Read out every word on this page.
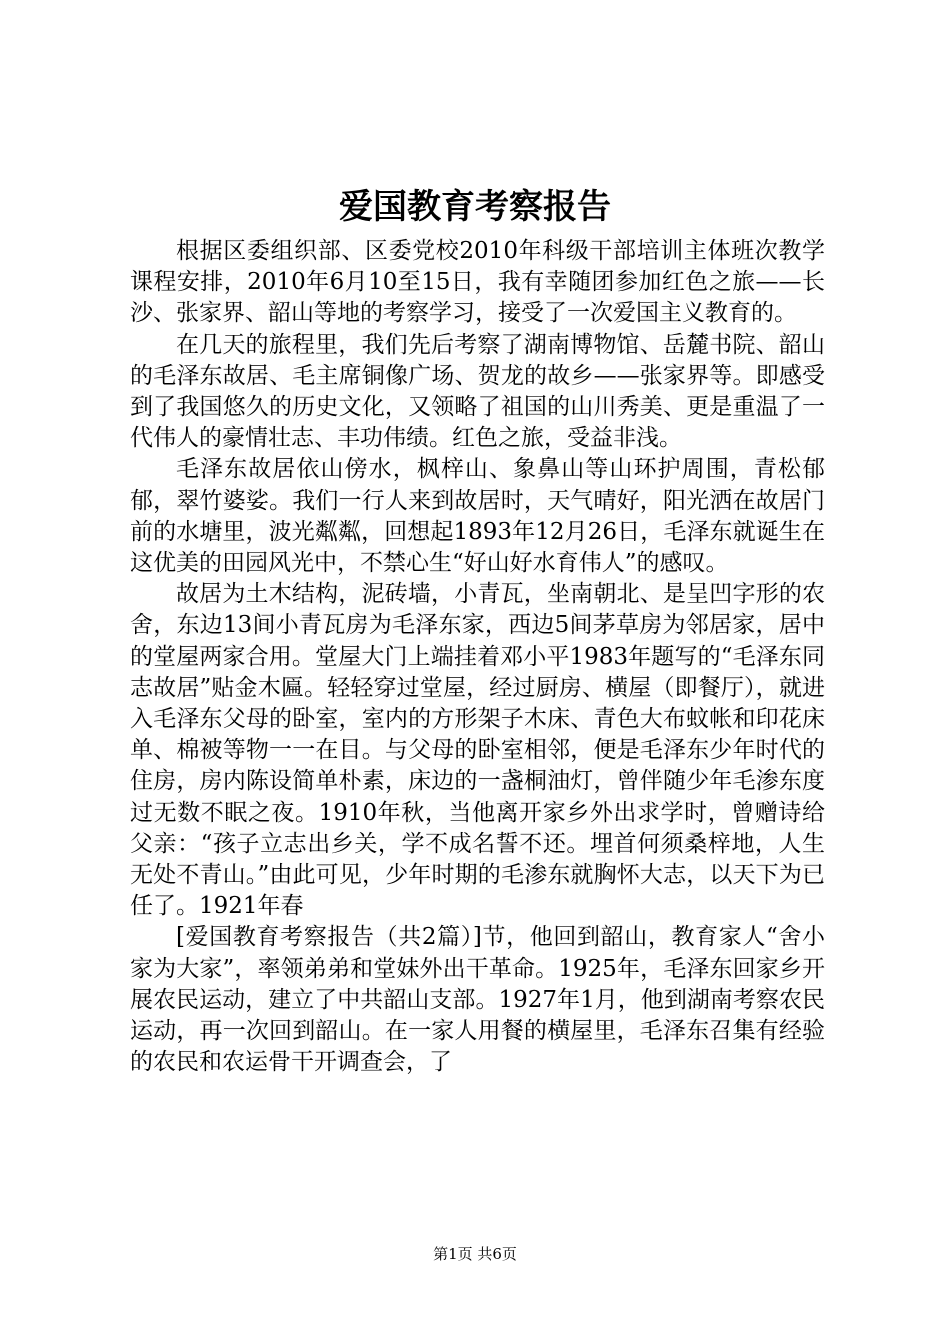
爱国教育考察报告

根据区委组织部、区委党校2010年科级干部培训主体班次教学课程安排，2010年6月10至15日，我有幸随团参加红色之旅——长沙、张家界、韶山等地的考察学习，接受了一次爱国主义教育的。

在几天的旅程里，我们先后考察了湖南博物馆、岳麓书院、韶山的毛泽东故居、毛主席铜像广场、贺龙的故乡——张家界等。即感受到了我国悠久的历史文化，又领略了祖国的山川秀美、更是重温了一代伟人的豪情壮志、丰功伟绩。红色之旅，受益非浅。

毛泽东故居依山傍水，枫梓山、象鼻山等山环护周围，青松郁郁，翠竹婆娑。我们一行人来到故居时，天气晴好，阳光洒在故居门前的水塘里，波光粼粼，回想起1893年12月26日，毛泽东就诞生在这优美的田园风光中，不禁心生“好山好水育伟人”的感叹。

故居为土木结构，泥砖墙，小青瓦，坐南朝北、是呈凹字形的农舍，东边13间小青瓦房为毛泽东家，西边5间茅草房为邻居家，居中的堂屋两家合用。堂屋大门上端挂着邓小平1983年题写的“毛泽东同志故居”贴金木匾。轻轻穿过堂屋，经过厨房、横屋（即餐厅），就进入毛泽东父母的卧室，室内的方形架子木床、青色大布蚊帐和印花床单、棉被等物一一在目。与父母的卧室相邻，便是毛泽东少年时代的住房，房内陈设简单朴素，床边的一盏桐油灯，曾伴随少年毛渗东度过无数不眠之夜。1910年秋，当他离开家乡外出求学时，曾赠诗给父亲：“孩子立志出乡关，学不成名誓不还。埋首何须桑梓地，人生无处不青山。”由此可见，少年时期的毛渗东就胸怀大志，以天下为已任了。1921年春

[爱国教育考察报告（共2篇）]节，他回到韶山，教育家人“舍小家为大家”，率领弟弟和堂妹外出干革命。1925年，毛泽东回家乡开展农民运动，建立了中共韶山支部。1927年1月，他到湖南考察农民运动，再一次回到韶山。在一家人用餐的横屋里，毛泽东召集有经验的农民和农运骨干开调查会，了

第1页 共6页
